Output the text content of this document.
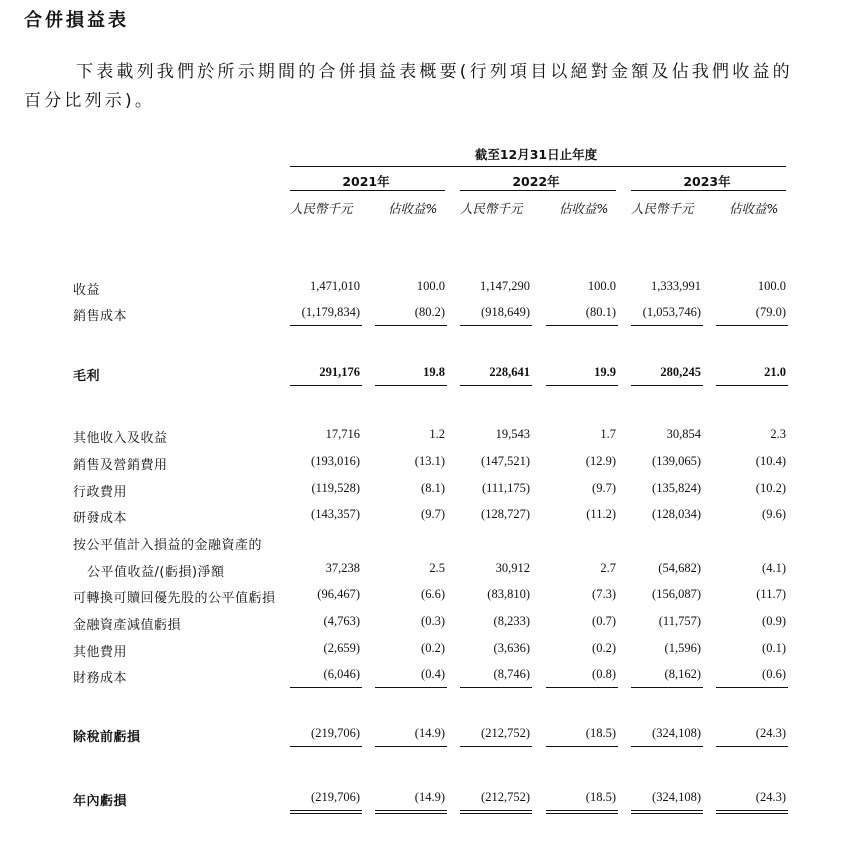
合併損益表
下表載列我們於所示期間的合併損益表概要(行列項目以絕對金額及佔我們收益的百分比列示)。
截至12月31日止年度
2021年	2022年	2023年
人民幣千元	佔收益% 人民幣千元	佔收益% 人民幣千元	佔收益%
收益	1,471,010	100.0	1,147,290	100.0	1,333,991	100.0
銷售成本	(1,179,834)	(80.2)	(918,649)	(80.1)	(1,053,746)	(79.0)
毛利	291,176	19.8	228,641	19.9	280,245	21.0
其他收入及收益	17,716	1.2	19,543	1.7	30,854	2.3
銷售及營銷費用	(193,016)	(13.1)	(147,521)	(12.9)	(139,065)	(10.4)
行政費用	(119,528)	(8.1)	(111,175)	(9.7)	(135,824)	(10.2)
研發成本	(143,357)	(9.7)	(128,727)	(11.2)	(128,034)	(9.6)
按公平值計入損益的金融資產的
公平值收益/(虧損)淨額	37,238	2.5	30,912	2.7	(54,682)	(4.1)
可轉換可贖回優先股的公平值虧損	(96,467)	(6.6)	(83,810)	(7.3)	(156,087)	(11.7)
金融資產減值虧損	(4,763)	(0.3)	(8,233)	(0.7)	(11,757)	(0.9)
其他費用	(2,659)	(0.2)	(3,636)	(0.2)	(1,596)	(0.1)
財務成本	(6,046)	(0.4)	(8,746)	(0.8)	(8,162)	(0.6)
除稅前虧損	(219,706)	(14.9)	(212,752)	(18.5)	(324,108)	(24.3)
年內虧損	(219,706)	(14.9)	(212,752)	(18.5)	(324,108)	(24.3)
